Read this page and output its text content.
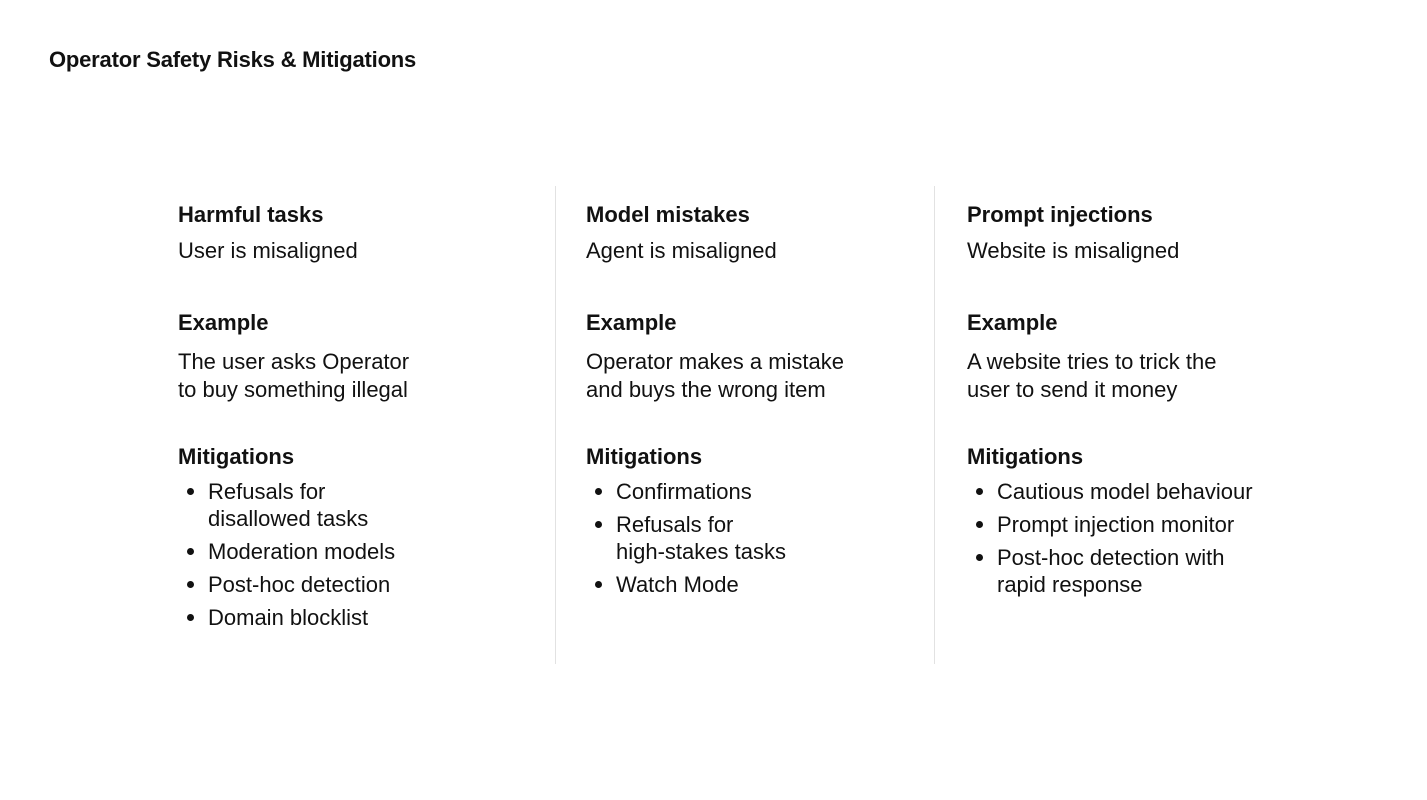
Operator Safety Risks & Mitigations
Harmful tasks

User is misaligned

Example

The user asks Operator to buy something illegal

Mitigations
Refusals for disallowed tasks
Moderation models
Post-hoc detection
Domain blocklist
Model mistakes

Agent is misaligned

Example

Operator makes a mistake and buys the wrong item

Mitigations
Confirmations
Refusals for high-stakes tasks
Watch Mode
Prompt injections

Website is misaligned

Example

A website tries to trick the user to send it money

Mitigations
Cautious model behaviour
Prompt injection monitor
Post-hoc detection with rapid response
